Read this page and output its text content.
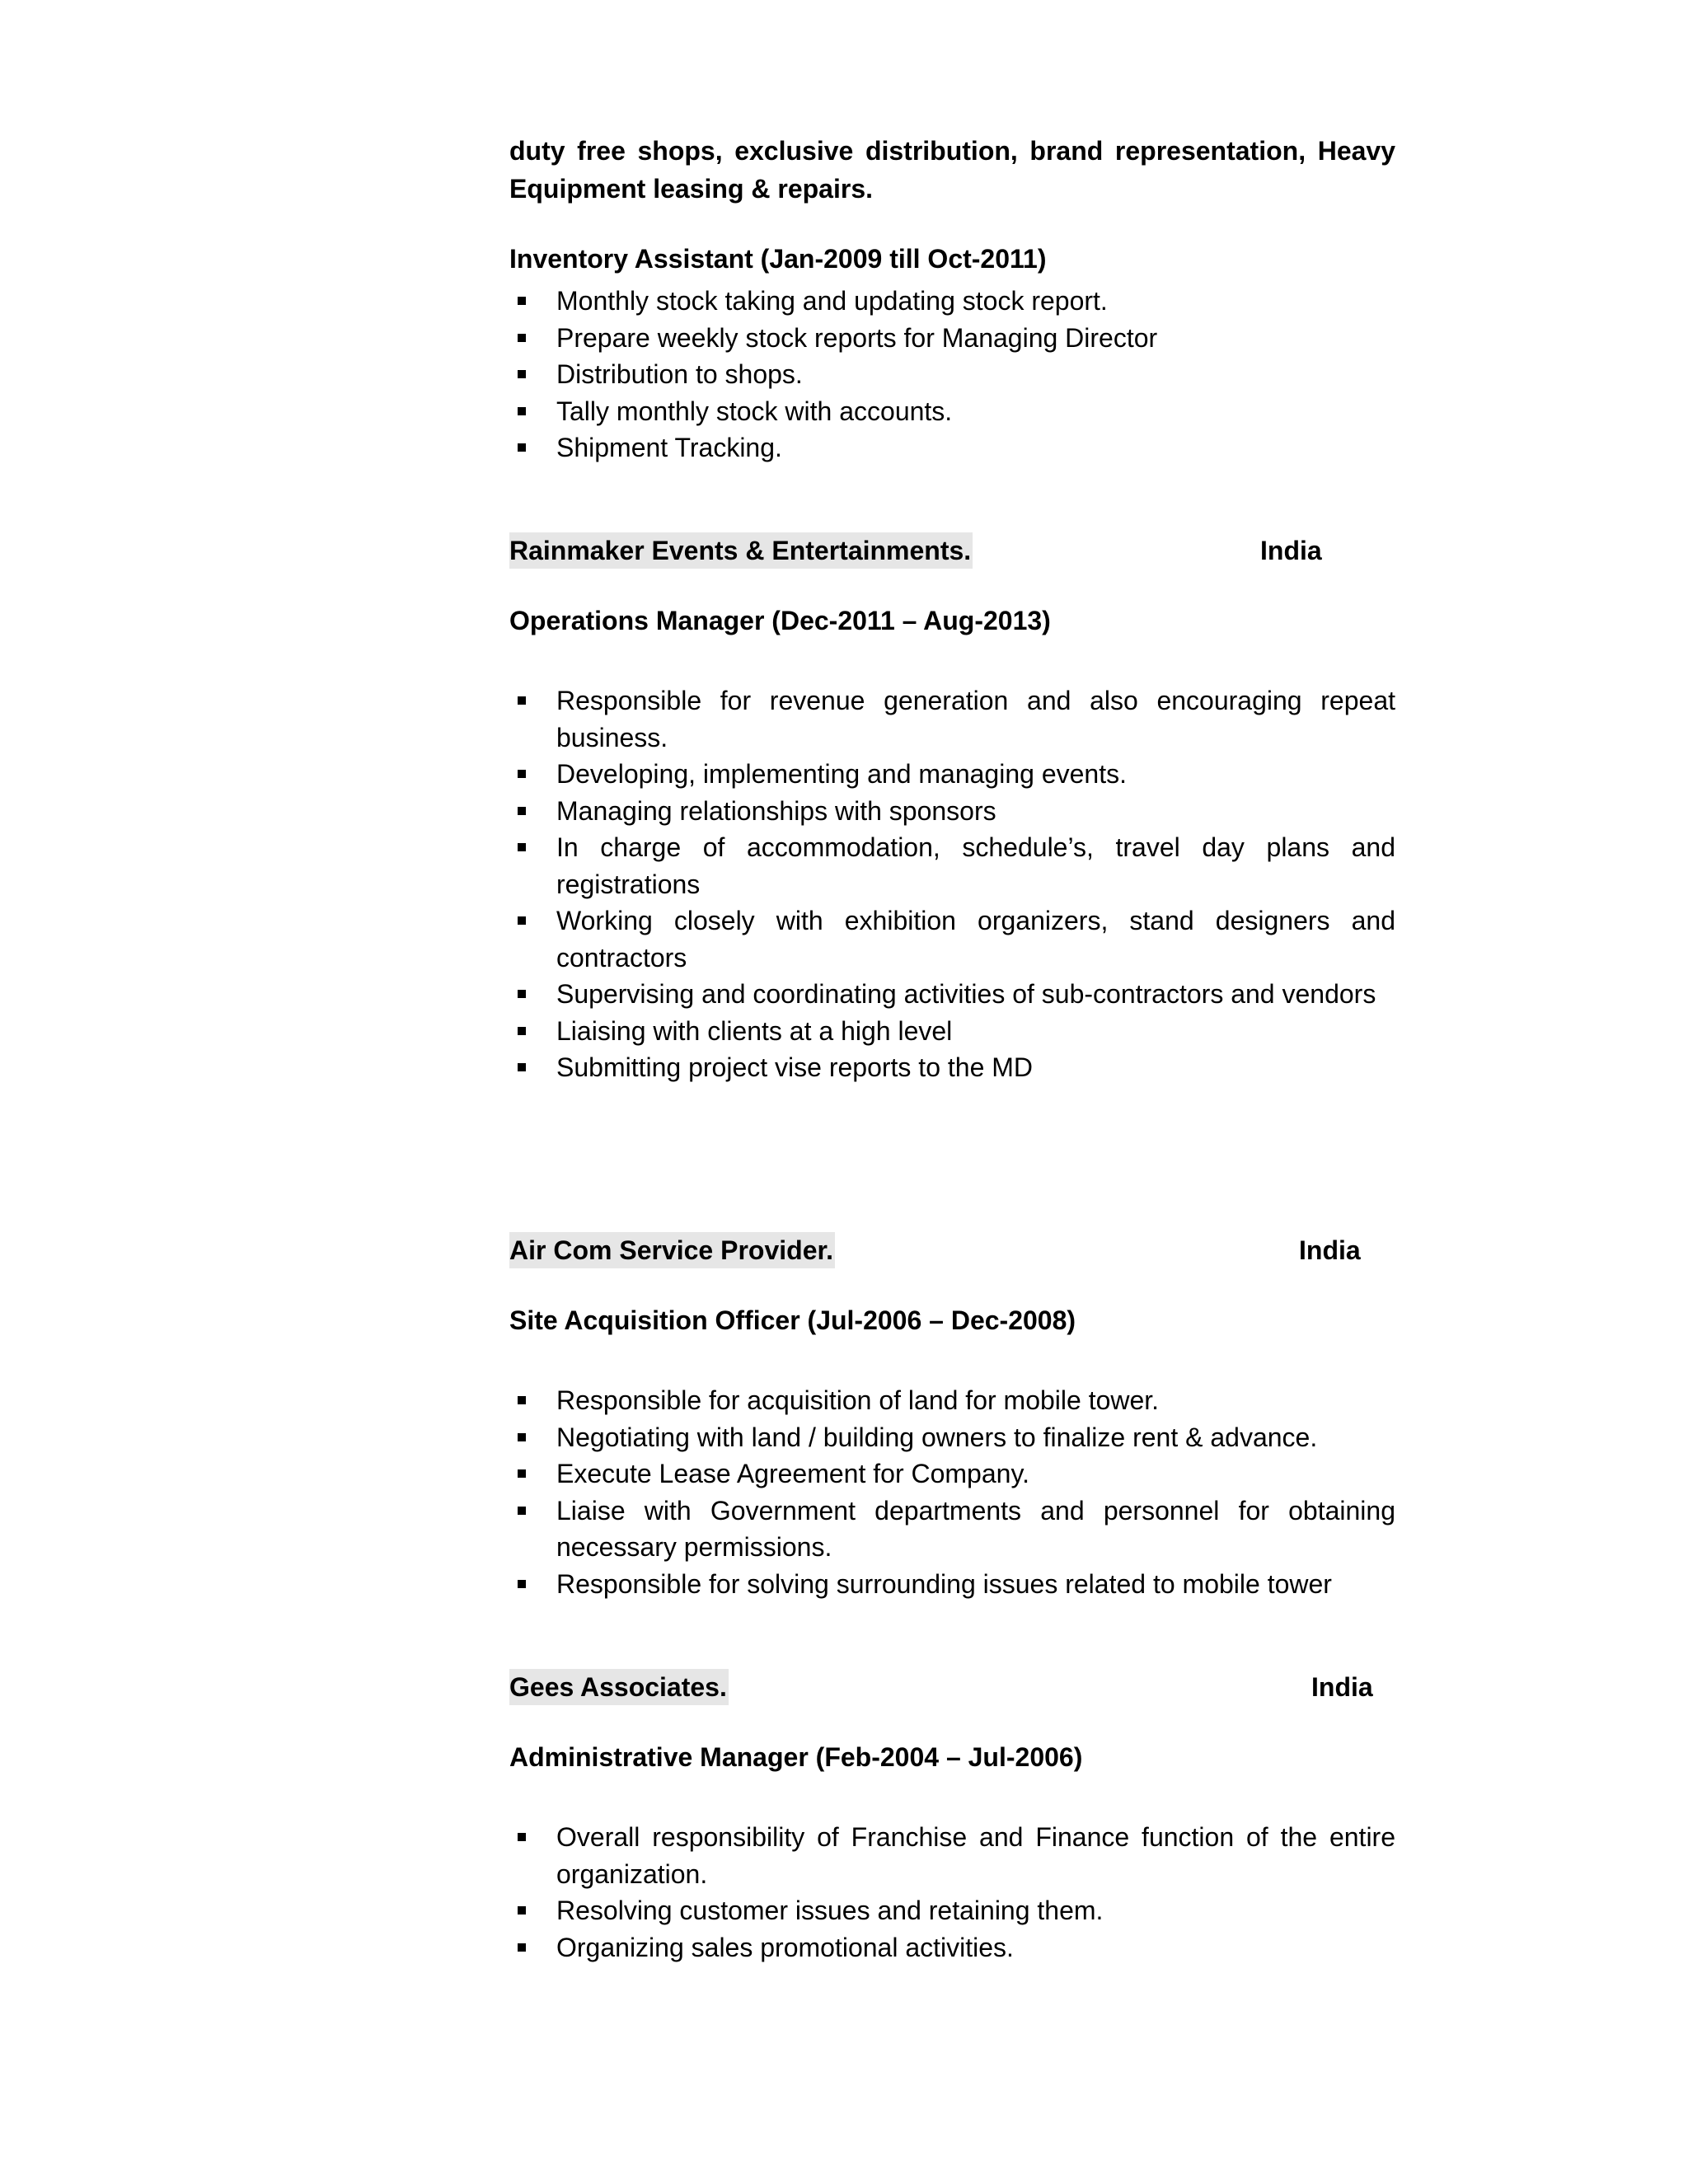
duty free shops, exclusive distribution, brand representation, Heavy Equipment leasing & repairs.
Inventory Assistant (Jan-2009 till Oct-2011)
Monthly stock taking and updating stock report.
Prepare weekly stock reports for Managing Director
Distribution to shops.
Tally monthly stock with accounts.
Shipment Tracking.
Rainmaker Events & Entertainments.	India
Operations Manager (Dec-2011 – Aug-2013)
Responsible for revenue generation and also encouraging repeat business.
Developing, implementing and managing events.
Managing relationships with sponsors
In charge of accommodation, schedule’s, travel day plans and registrations
Working closely with exhibition organizers, stand designers and contractors
Supervising and coordinating activities of sub-contractors and vendors
Liaising with clients at a high level
Submitting project vise reports to the MD
Air Com Service Provider.	India
Site Acquisition Officer (Jul-2006 – Dec-2008)
Responsible for acquisition of land for mobile tower.
Negotiating with land / building owners to finalize rent & advance.
Execute Lease Agreement for Company.
Liaise with Government departments and personnel for obtaining necessary permissions.
Responsible for solving surrounding issues related to mobile tower
Gees Associates.	India
Administrative Manager (Feb-2004 – Jul-2006)
Overall responsibility of Franchise and Finance function of the entire organization.
Resolving customer issues and retaining them.
Organizing sales promotional activities.
